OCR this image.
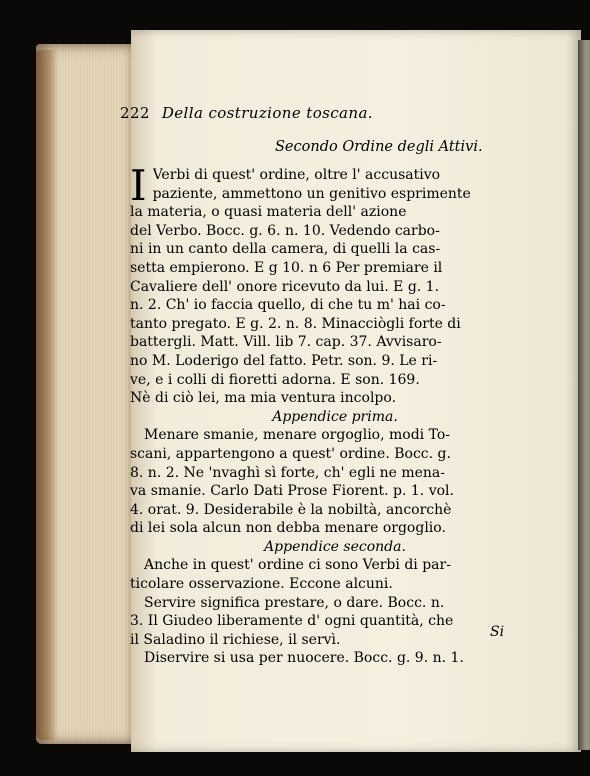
222 Della costruzione toscana.
Secondo Ordine degli Attivi.
I Verbi di quest' ordine, oltre l' accusativo
paziente, ammettono un genitivo esprimente
la materia, o quasi materia dell' azione
del Verbo. Bocc. g. 6. n. 10. Vedendo carbo-
ni in un canto della camera, di quelli la cas-
setta empierono. E g 10. n 6 Per premiare il
Cavaliere dell' onore ricevuto da lui. E g. 1.
n. 2. Ch' io faccia quello, di che tu m' hai co-
tanto pregato. E g. 2. n. 8. Minacciògli forte di
battergli. Matt. Vill. lib 7. cap. 37. Avvisaro-
no M. Loderigo del fatto. Petr. son. 9. Le ri-
ve, e i colli di fioretti adorna. E son. 169.
Nè di ciò lei, ma mia ventura incolpo.
Appendice prima.
Menare smanie, menare orgoglio, modi To-
scani, appartengono a quest' ordine. Bocc. g.
8. n. 2. Ne 'nvaghì sì forte, ch' egli ne mena-
va smanie. Carlo Dati Prose Fiorent. p. 1. vol.
4. orat. 9. Desiderabile è la nobiltà, ancorchè
di lei sola alcun non debba menare orgoglio.
Appendice seconda.
Anche in quest' ordine ci sono Verbi di par-
ticolare osservazione. Eccone alcuni.
Servire significa prestare, o dare. Bocc. n.
3. Il Giudeo liberamente d' ogni quantità, che
il Saladino il richiese, il servì.
Diservire si usa per nuocere. Bocc. g. 9. n. 1.
Si
